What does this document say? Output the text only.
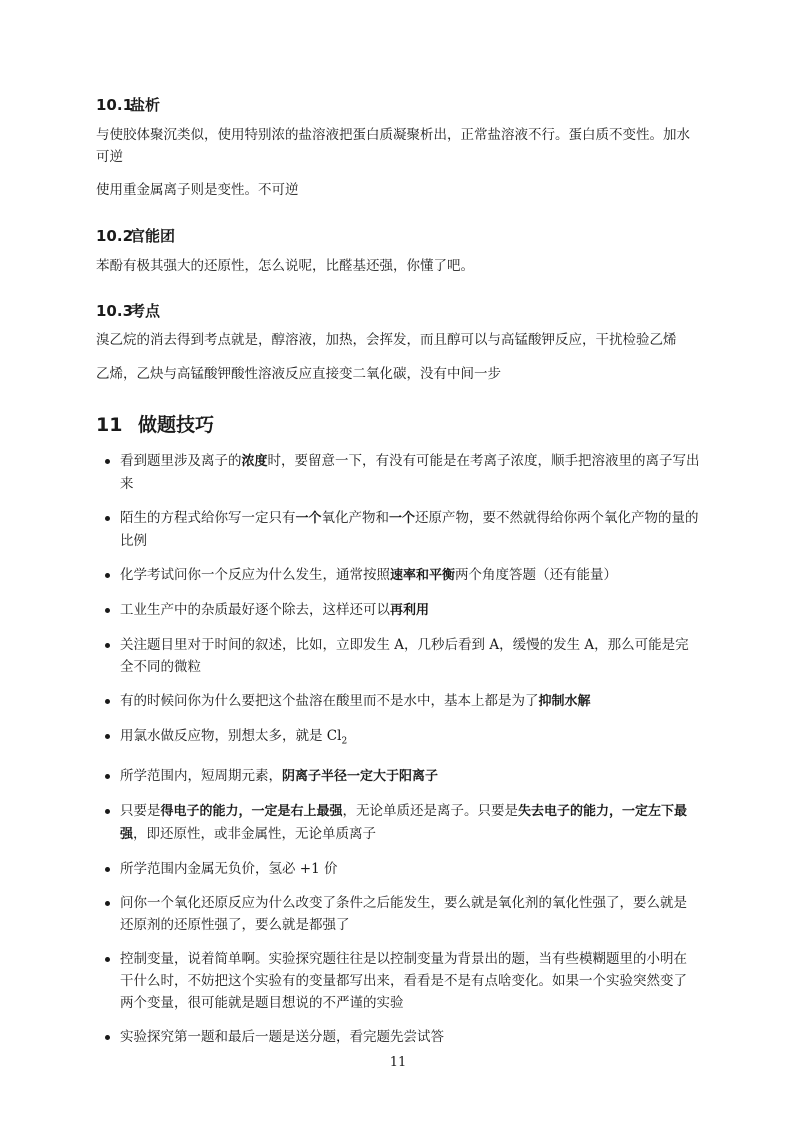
10.1盐析
与使胶体聚沉类似，使用特别浓的盐溶液把蛋白质凝聚析出，正常盐溶液不行。蛋白质不变性。加水可逆
使用重金属离子则是变性。不可逆
10.2官能团
苯酚有极其强大的还原性，怎么说呢，比醛基还强，你懂了吧。
10.3考点
溴乙烷的消去得到考点就是，醇溶液，加热，会挥发，而且醇可以与高锰酸钾反应，干扰检验乙烯
乙烯，乙炔与高锰酸钾酸性溶液反应直接变二氧化碳，没有中间一步
11 做题技巧
看到题里涉及离子的浓度时，要留意一下，有没有可能是在考离子浓度，顺手把溶液里的离子写出来
陌生的方程式给你写一定只有一个氧化产物和一个还原产物，要不然就得给你两个氧化产物的量的比例
化学考试问你一个反应为什么发生，通常按照速率和平衡两个角度答题（还有能量）
工业生产中的杂质最好逐个除去，这样还可以再利用
关注题目里对于时间的叙述，比如，立即发生 A，几秒后看到 A，缓慢的发生 A，那么可能是完全不同的微粒
有的时候问你为什么要把这个盐溶在酸里而不是水中，基本上都是为了抑制水解
用氯水做反应物，别想太多，就是 $Cl_2$
所学范围内，短周期元素，阴离子半径一定大于阳离子
只要是得电子的能力，一定是右上最强，无论单质还是离子。只要是失去电子的能力，一定左下最强，即还原性，或非金属性，无论单质离子
所学范围内金属无负价，氢必 +1 价
问你一个氧化还原反应为什么改变了条件之后能发生，要么就是氧化剂的氧化性强了，要么就是还原剂的还原性强了，要么就是都强了
控制变量，说着简单啊。实验探究题往往是以控制变量为背景出的题，当有些模糊题里的小明在干什么时，不妨把这个实验有的变量都写出来，看看是不是有点啥变化。如果一个实验突然变了两个变量，很可能就是题目想说的不严谨的实验
实验探究第一题和最后一题是送分题，看完题先尝试答
11
